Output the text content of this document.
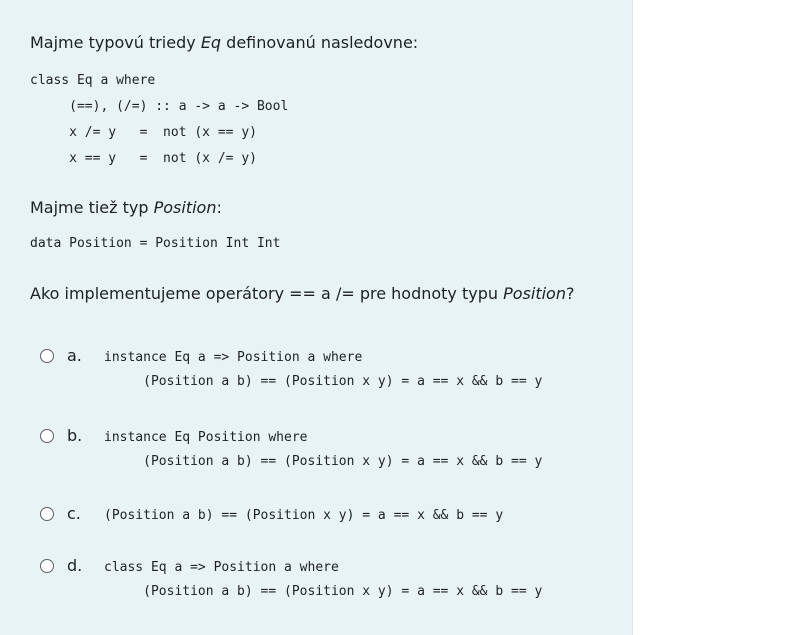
Majme typovú triedy Eq definovanú nasledovne:
class Eq a where
(==), (/=) :: a -> a -> Bool
x /= y   =  not (x == y)
x == y   =  not (x /= y)
Majme tiež typ Position:
data Position = Position Int Int
Ako implementujeme operátory == a /= pre hodnoty typu Position?
a. instance Eq a => Position a where
(Position a b) == (Position x y) = a == x && b == y
b. instance Eq Position where
(Position a b) == (Position x y) = a == x && b == y
c. (Position a b) == (Position x y) = a == x && b == y
d. class Eq a => Position a where
(Position a b) == (Position x y) = a == x && b == y
